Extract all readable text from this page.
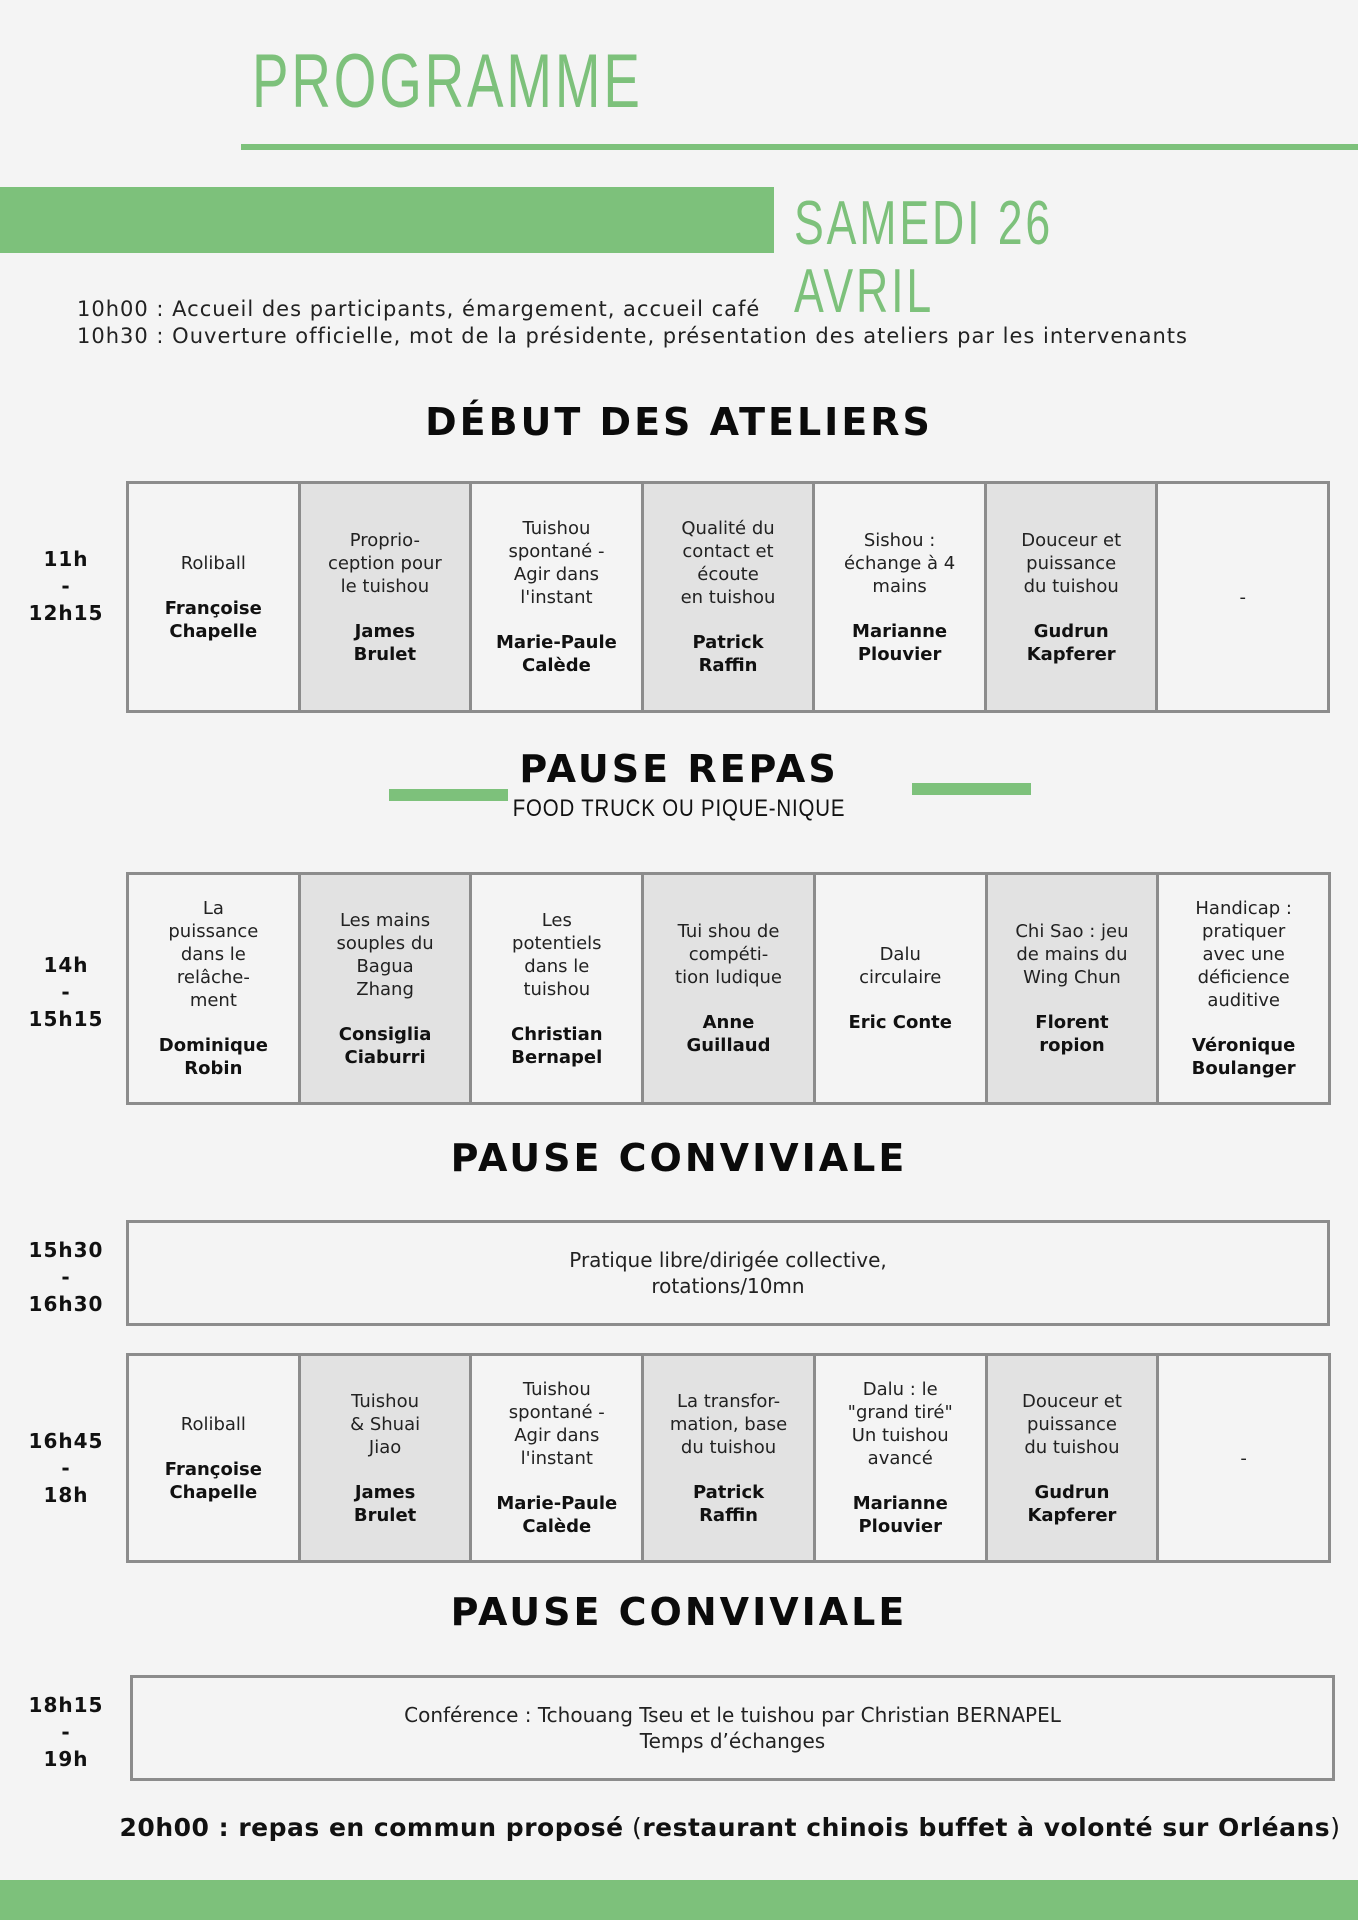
PROGRAMME
SAMEDI 26 AVRIL
10h00 : Accueil des participants, émargement, accueil café
10h30 : Ouverture officielle, mot de la présidente, présentation des ateliers par les intervenants
DÉBUT DES ATELIERS
11h
-
12h15
Roliball
Françoise
Chapelle
Proprio-
ception pour
le tuishou
James
Brulet
Tuishou
spontané -
Agir dans
l'instant
Marie-Paule
Calède
Qualité du
contact et
écoute
en tuishou
Patrick
Raffin
Sishou :
échange à 4
mains
Marianne
Plouvier
Douceur et
puissance
du tuishou
Gudrun
Kapferer
-
PAUSE REPAS
FOOD TRUCK OU PIQUE-NIQUE
14h
-
15h15
La
puissance
dans le
relâche-
ment
Dominique
Robin
Les mains
souples du
Bagua
Zhang
Consiglia
Ciaburri
Les
potentiels
dans le
tuishou
Christian
Bernapel
Tui shou de
compéti-
tion ludique
Anne
Guillaud
Dalu
circulaire
Eric Conte
Chi Sao : jeu
de mains du
Wing Chun
Florent
ropion
Handicap :
pratiquer
avec une
déficience
auditive
Véronique
Boulanger
PAUSE CONVIVIALE
15h30
-
16h30
Pratique libre/dirigée collective,
rotations/10mn
16h45
-
18h
Roliball
Françoise
Chapelle
Tuishou
& Shuai
Jiao
James
Brulet
Tuishou
spontané -
Agir dans
l'instant
Marie-Paule
Calède
La transfor-
mation, base
du tuishou
Patrick
Raffin
Dalu : le
"grand tiré"
Un tuishou
avancé
Marianne
Plouvier
Douceur et
puissance
du tuishou
Gudrun
Kapferer
-
PAUSE CONVIVIALE
18h15
-
19h
Conférence : Tchouang Tseu et le tuishou par Christian BERNAPEL
Temps d’échanges
20h00 : repas en commun proposé (restaurant chinois buffet à volonté sur Orléans)
